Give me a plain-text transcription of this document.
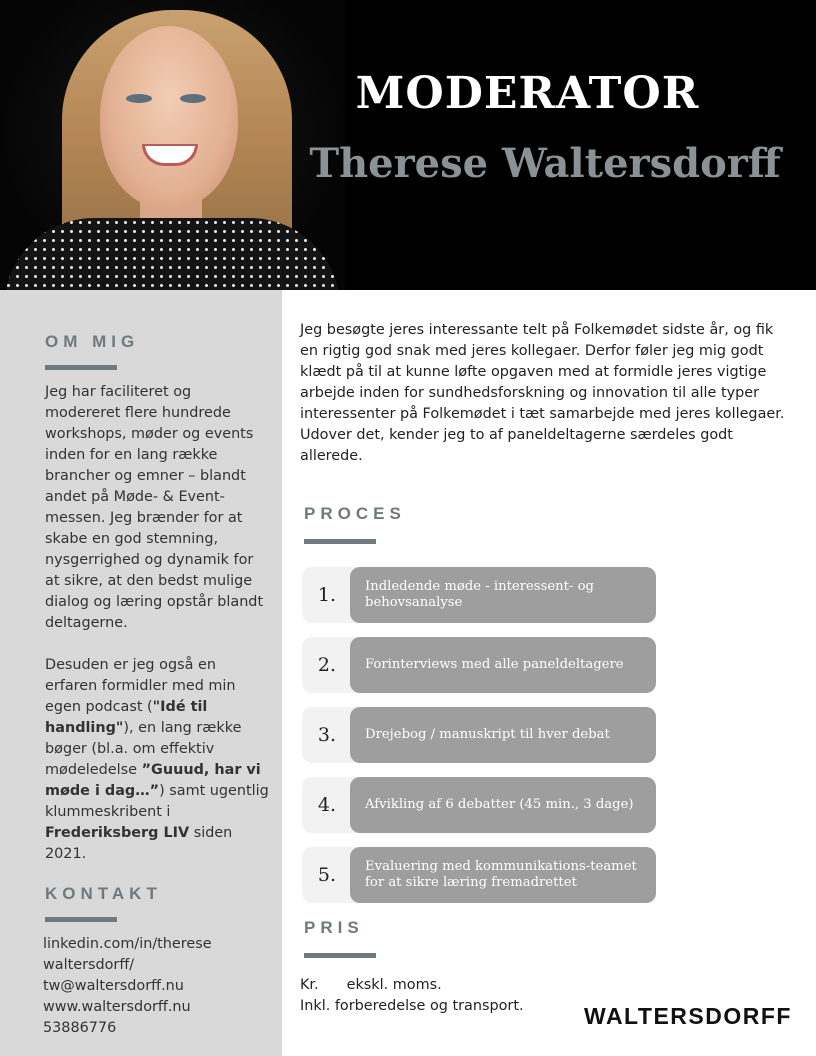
MODERATOR
Therese Waltersdorff
OM MIG

Jeg har faciliteret og modereret flere hundrede workshops, møder og events inden for en lang række brancher og emner – blandt andet på Møde- & Event-messen. Jeg brænder for at skabe en god stemning, nysgerrighed og dynamik for at sikre, at den bedst mulige dialog og læring opstår blandt deltagerne.

Desuden er jeg også en erfaren formidler med min egen podcast ("Idé til handling"), en lang række bøger (bl.a. om effektiv mødeledelse ”Guuud, har vi møde i dag…”) samt ugentlig klummeskribent i Frederiksberg LIV siden 2021.

KONTAKT
linkedin.com/in/therese
waltersdorff/
tw@waltersdorff.nu
www.waltersdorff.nu
53886776

Jeg besøgte jeres interessante telt på Folkemødet sidste år, og fik en rigtig god snak med jeres kollegaer. Derfor føler jeg mig godt klædt på til at kunne løfte opgaven med at formidle jeres vigtige arbejde inden for sundhedsforskning og innovation til alle typer interessenter på Folkemødet i tæt samarbejde med jeres kollegaer.

Udover det, kender jeg to af paneldeltagerne særdeles godt allerede.

PROCES
1.	Indledende møde - interessent- og behovsanalyse
2.	Forinterviews med alle paneldeltagere
3.	Drejebog / manuskript til hver debat
4.	Afvikling af 6 debatter (45 min., 3 dage)
5.	Evaluering med kommunikations-teamet for at sikre læring fremadrettet
PRIS
Kr. ekskl. moms.
Inkl. forberedelse og transport.	WALTERSDORFF
